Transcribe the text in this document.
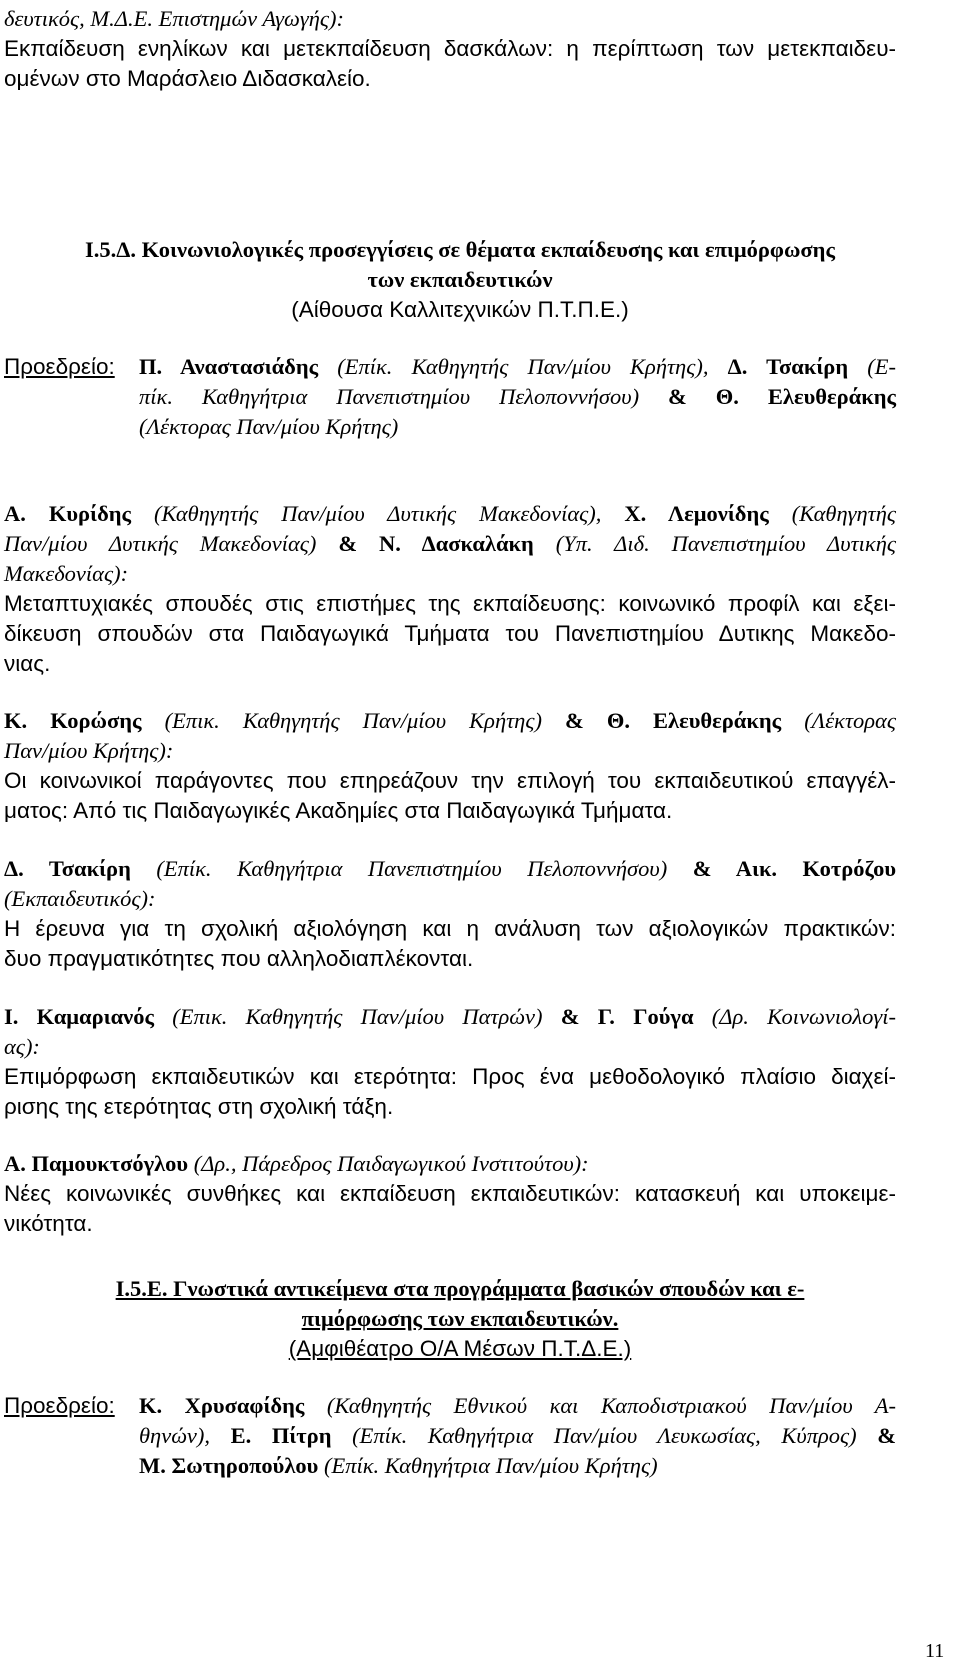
δευτικός, Μ.Δ.Ε. Επιστημών Αγωγής):
Εκπαίδευση ενηλίκων και μετεκπαίδευση δασκάλων: η περίπτωση των μετεκπαιδευ-
ομένων στο Μαράσλειο Διδασκαλείο.
Ι.5.Δ. Κοινωνιολογικές προσεγγίσεις σε θέματα εκπαίδευσης και επιμόρφωσης
των εκπαιδευτικών
(Αίθουσα Καλλιτεχνικών Π.Τ.Π.Ε.)
Προεδρείο: Π. Αναστασιάδης (Επίκ. Καθηγητής Παν/μίου Κρήτης), Δ. Τσακίρη (Ε-
πίκ. Καθηγήτρια Πανεπιστημίου Πελοποννήσου) & Θ. Ελευθεράκης
(Λέκτορας Παν/μίου Κρήτης)
Α. Κυρίδης (Καθηγητής Παν/μίου Δυτικής Μακεδονίας), Χ. Λεμονίδης (Καθηγητής
Παν/μίου Δυτικής Μακεδονίας) & Ν. Δασκαλάκη (Υπ. Διδ. Πανεπιστημίου Δυτικής
Μακεδονίας):
Μεταπτυχιακές σπουδές στις επιστήμες της εκπαίδευσης: κοινωνικό προφίλ και εξει-
δίκευση σπουδών στα Παιδαγωγικά Τμήματα του Πανεπιστημίου Δυτικης Μακεδο-
νιας.
Κ. Κορώσης (Επικ. Καθηγητής Παν/μίου Κρήτης) & Θ. Ελευθεράκης (Λέκτορας
Παν/μίου Κρήτης):
Οι κοινωνικοί παράγοντες που επηρεάζουν την επιλογή του εκπαιδευτικού επαγγέλ-
ματος: Από τις Παιδαγωγικές Ακαδημίες στα Παιδαγωγικά Τμήματα.
Δ. Τσακίρη (Επίκ. Καθηγήτρια Πανεπιστημίου Πελοποννήσου) & Αικ. Κοτρόζου
(Εκπαιδευτικός):
Η έρευνα για τη σχολική αξιολόγηση και η ανάλυση των αξιολογικών πρακτικών:
δυο πραγματικότητες που αλληλοδιαπλέκονται.
Ι. Καμαριανός (Επικ. Καθηγητής Παν/μίου Πατρών) & Γ. Γούγα (Δρ. Κοινωνιολογί-
ας):
Επιμόρφωση εκπαιδευτικών και ετερότητα: Προς ένα μεθοδολογικό πλαίσιο διαχεί-
ρισης της ετερότητας στη σχολική τάξη.
Α. Παμουκτσόγλου (Δρ., Πάρεδρος Παιδαγωγικού Ινστιτούτου):
Νέες κοινωνικές συνθήκες και εκπαίδευση εκπαιδευτικών: κατασκευή και υποκειμε-
νικότητα.
Ι.5.Ε. Γνωστικά αντικείμενα στα προγράμματα βασικών σπουδών και ε-
πιμόρφωσης των εκπαιδευτικών.
(Αμφιθέατρο Ο/Α Μέσων Π.Τ.Δ.Ε.)
Προεδρείο: Κ. Χρυσαφίδης (Καθηγητής Εθνικού και Καποδιστριακού Παν/μίου Α-
θηνών), Ε. Πίτρη (Επίκ. Καθηγήτρια Παν/μίου Λευκωσίας, Κύπρος) &
Μ. Σωτηροπούλου (Επίκ. Καθηγήτρια Παν/μίου Κρήτης)
11
